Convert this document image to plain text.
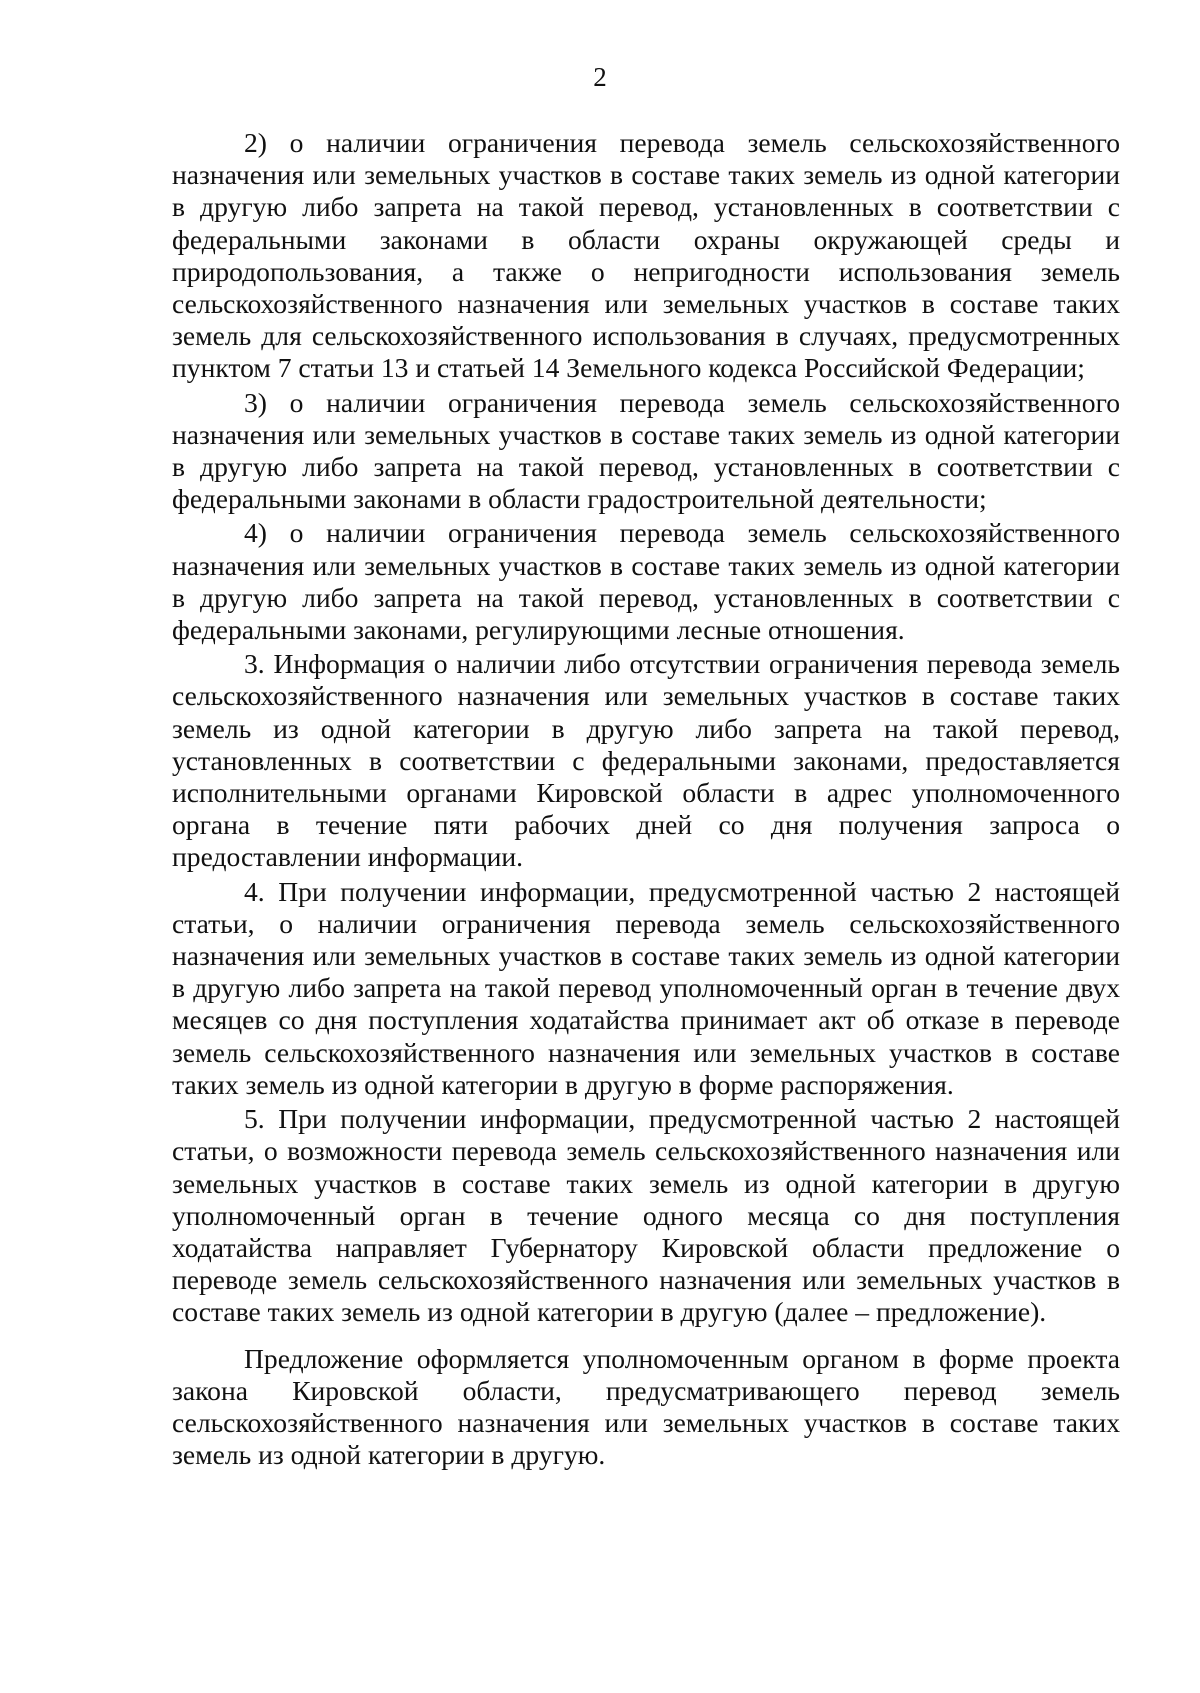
2

2) о наличии ограничения перевода земель сельскохозяйственного назначения или земельных участков в составе таких земель из одной категории в другую либо запрета на такой перевод, установленных в соответствии с федеральными законами в области охраны окружающей среды и природопользования, а также о непригодности использования земель сельскохозяйственного назначения или земельных участков в составе таких земель для сельскохозяйственного использования в случаях, предусмотренных пунктом 7 статьи 13 и статьей 14 Земельного кодекса Российской Федерации;

3) о наличии ограничения перевода земель сельскохозяйственного назначения или земельных участков в составе таких земель из одной категории в другую либо запрета на такой перевод, установленных в соответствии с федеральными законами в области градостроительной деятельности;

4) о наличии ограничения перевода земель сельскохозяйственного назначения или земельных участков в составе таких земель из одной категории в другую либо запрета на такой перевод, установленных в соответствии с федеральными законами, регулирующими лесные отношения.

3. Информация о наличии либо отсутствии ограничения перевода земель сельскохозяйственного назначения или земельных участков в составе таких земель из одной категории в другую либо запрета на такой перевод, установленных в соответствии с федеральными законами, предоставляется исполнительными органами Кировской области в адрес уполномоченного органа в течение пяти рабочих дней со дня получения запроса о предоставлении информации.

4. При получении информации, предусмотренной частью 2 настоящей статьи, о наличии ограничения перевода земель сельскохозяйственного назначения или земельных участков в составе таких земель из одной категории в другую либо запрета на такой перевод уполномоченный орган в течение двух месяцев со дня поступления ходатайства принимает акт об отказе в переводе земель сельскохозяйственного назначения или земельных участков в составе таких земель из одной категории в другую в форме распоряжения.

5. При получении информации, предусмотренной частью 2 настоящей статьи, о возможности перевода земель сельскохозяйственного назначения или земельных участков в составе таких земель из одной категории в другую уполномоченный орган в течение одного месяца со дня поступления ходатайства направляет Губернатору Кировской области предложение о переводе земель сельскохозяйственного назначения или земельных участков в составе таких земель из одной категории в другую (далее – предложение).

Предложение оформляется уполномоченным органом в форме проекта закона Кировской области, предусматривающего перевод земель сельскохозяйственного назначения или земельных участков в составе таких земель из одной категории в другую.
